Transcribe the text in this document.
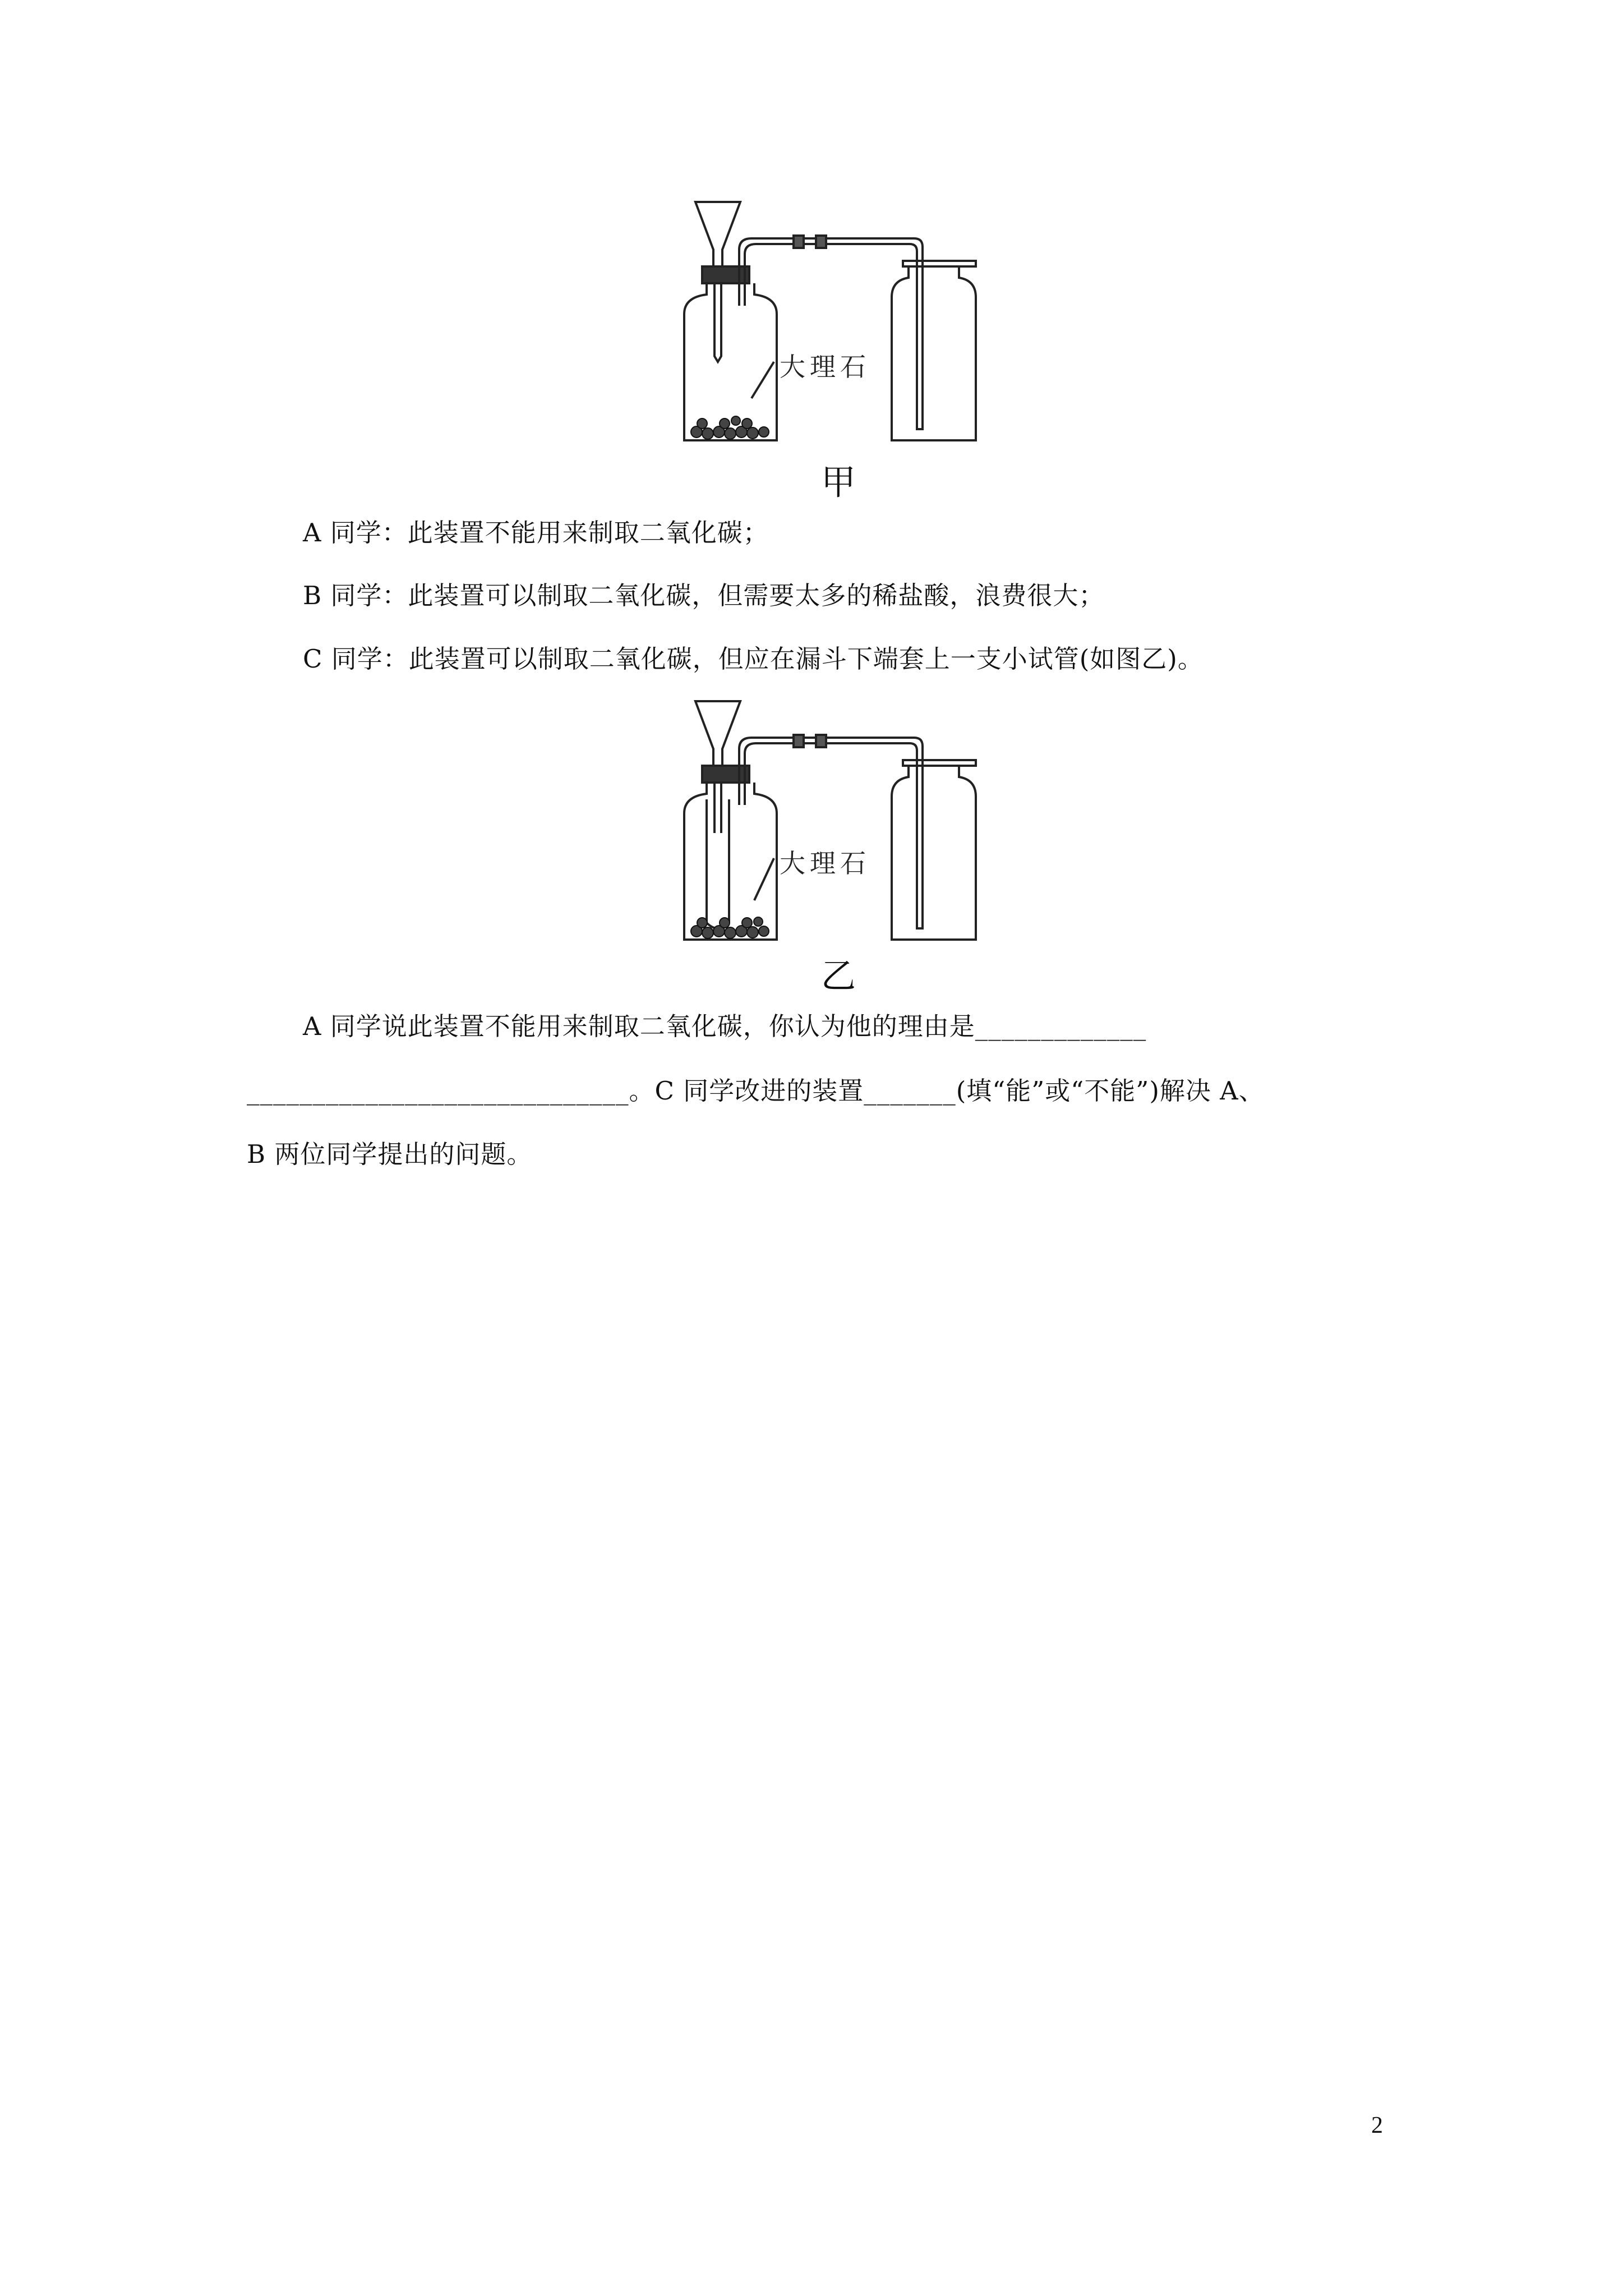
大理石
甲
A 同学：此装置不能用来制取二氧化碳；
B 同学：此装置可以制取二氧化碳，但需要太多的稀盐酸，浪费很大；
C 同学：此装置可以制取二氧化碳，但应在漏斗下端套上一支小试管(如图乙)。
大理石
乙
A 同学说此装置不能用来制取二氧化碳，你认为他的理由是_____________
_____________________________。C 同学改进的装置_______(填“能”或“不能”)解决 A、
B 两位同学提出的问题。
2
